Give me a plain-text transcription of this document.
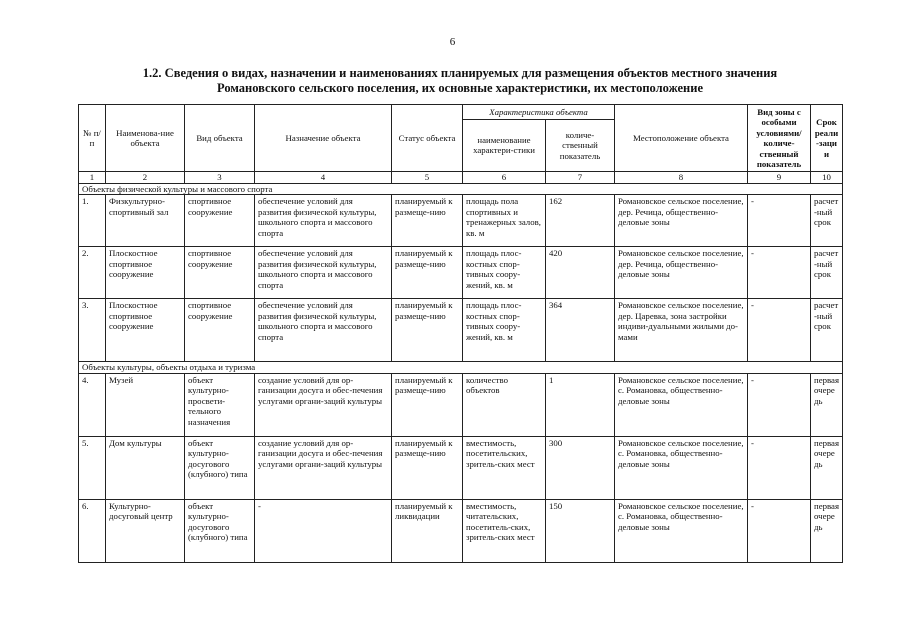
6
1.2. Сведения о видах, назначении и наименованиях планируемых для размещения объектов местного значения
Романовского сельского поселения, их основные характеристики, их местоположение
№ п/п	Наименова-ние объекта	Вид объекта	Назначение объекта	Статус объекта	Характеристика объекта		Местоположение объекта	Вид зоны с особыми условиями/ количе-ственный показатель	Срок реали-зации
					наименование характери-стики	количе-ственный показатель			
1	2	3	4	5	6	7	8	9	10
Объекты физической культуры и массового спорта									
1.	Физкультурно-спортивный зал	спортивное сооружение	обеспечение условий для развития физической культуры, школьного спорта и массового спорта	планируемый к размеще-нию	площадь пола спортивных и тренажерных залов, кв. м	162	Романовское сельское поселение, дер. Речица, общественно-деловые зоны	-	расчет-ный срок
2.	Плоскостное спортивное сооружение	спортивное сооружение	обеспечение условий для развития физической культуры, школьного спорта и массового спорта	планируемый к размеще-нию	площадь плос-костных спор-тивных соору-жений, кв. м	420	Романовское сельское поселение, дер. Речица, общественно-деловые зоны	-	расчет-ный срок
3.	Плоскостное спортивное сооружение	спортивное сооружение	обеспечение условий для развития физической культуры, школьного спорта и массового спорта	планируемый к размеще-нию	площадь плос-костных спор-тивных соору-жений, кв. м	364	Романовское сельское поселение, дер. Царевка, зона застройки индиви-дуальными жилыми до-мами	-	расчет-ный срок
Объекты культуры, объекты отдыха и туризма									
4.	Музей	объект культурно-просвети-тельного назначения	создание условий для ор-ганизации досуга и обес-печения услугами органи-заций культуры	планируемый к размеще-нию	количество объектов	1	Романовское сельское поселение, с. Романовка, общественно-деловые зоны	-	первая очередь
5.	Дом культуры	объект культурно-досугового (клубного) типа	создание условий для ор-ганизации досуга и обес-печения услугами органи-заций культуры	планируемый к размеще-нию	вместимость, посетительских, зритель-ских мест	300	Романовское сельское поселение, с. Романовка, общественно-деловые зоны	-	первая очередь
6.	Культурно-досуговый центр	объект культурно-досугового (клубного) типа	-	планируемый к ликвидации	вместимость, читательских, посетитель-ских, зритель-ских мест	150	Романовское сельское поселение, с. Романовка, общественно-деловые зоны	-	первая очередь
